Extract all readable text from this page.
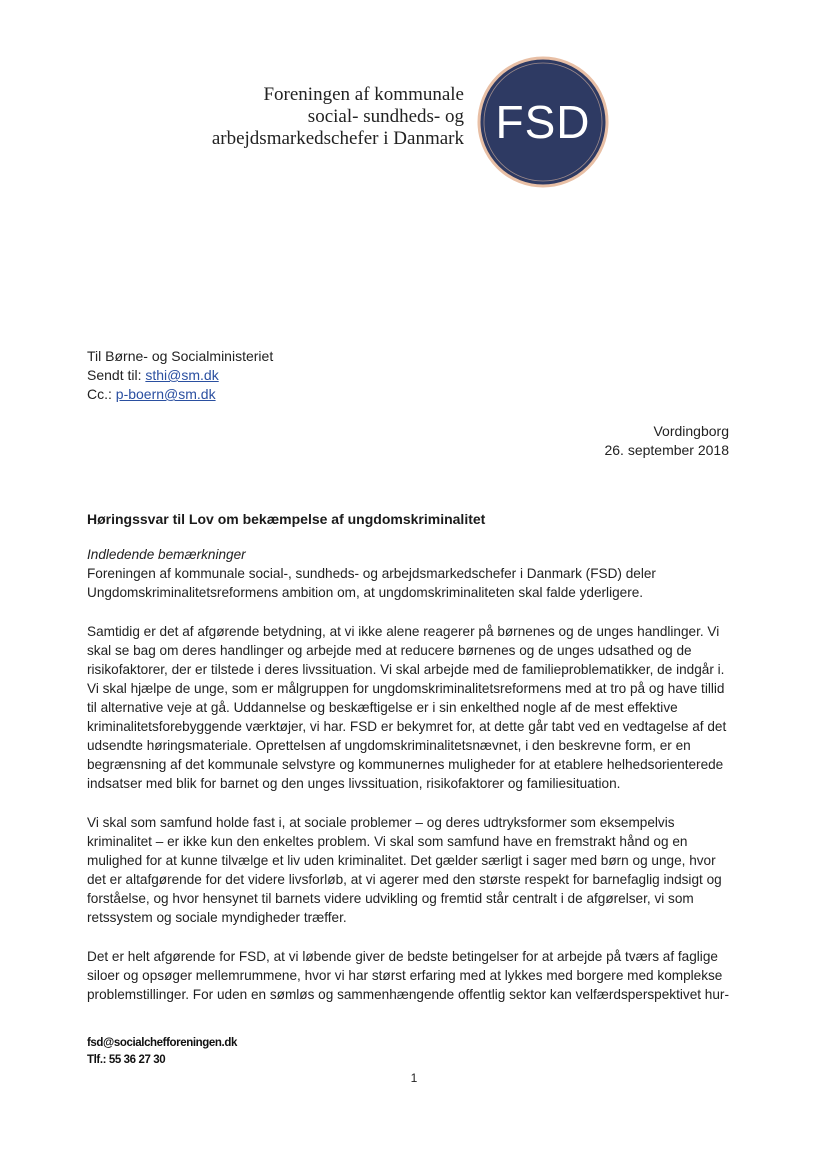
Foreningen af kommunale
social- sundheds- og
arbejdsmarkedschefer i Danmark FSD
Til Børne- og Socialministeriet
Sendt til: sthi@sm.dk
Cc.: p-boern@sm.dk
Vordingborg
26. september 2018
Høringssvar til Lov om bekæmpelse af ungdomskriminalitet
Indledende bemærkninger

Foreningen af kommunale social-, sundheds- og arbejdsmarkedschefer i Danmark (FSD) deler Ungdomskriminalitetsreformens ambition om, at ungdomskriminaliteten skal falde yderligere.

Samtidig er det af afgørende betydning, at vi ikke alene reagerer på børnenes og de unges handlinger. Vi skal se bag om deres handlinger og arbejde med at reducere børnenes og de unges udsathed og de risikofaktorer, der er tilstede i deres livssituation. Vi skal arbejde med de familieproblematikker, de indgår i. Vi skal hjælpe de unge, som er målgruppen for ungdomskriminalitetsreformens med at tro på og have tillid til alternative veje at gå. Uddannelse og beskæftigelse er i sin enkelthed nogle af de mest effektive kriminalitetsforebyggende værktøjer, vi har. FSD er bekymret for, at dette går tabt ved en vedtagelse af det udsendte høringsmateriale. Oprettelsen af ungdomskriminalitetsnævnet, i den beskrevne form, er en begrænsning af det kommunale selvstyre og kommunernes muligheder for at etablere helhedsorienterede indsatser med blik for barnet og den unges livssituation, risikofaktorer og familiesituation.

Vi skal som samfund holde fast i, at sociale problemer – og deres udtryksformer som eksempelvis kriminalitet – er ikke kun den enkeltes problem. Vi skal som samfund have en fremstrakt hånd og en mulighed for at kunne tilvælge et liv uden kriminalitet. Det gælder særligt i sager med børn og unge, hvor det er altafgørende for det videre livsforløb, at vi agerer med den største respekt for barnefaglig indsigt og forståelse, og hvor hensynet til barnets videre udvikling og fremtid står centralt i de afgørelser, vi som retssystem og sociale myndigheder træffer.

Det er helt afgørende for FSD, at vi løbende giver de bedste betingelser for at arbejde på tværs af faglige siloer og opsøger mellemrummene, hvor vi har størst erfaring med at lykkes med borgere med komplekse problemstillinger. For uden en sømløs og sammenhængende offentlig sektor kan velfærdsperspektivet hur-

fsd@socialchefforeningen.dk
Tlf.: 55 36 27 30
1
